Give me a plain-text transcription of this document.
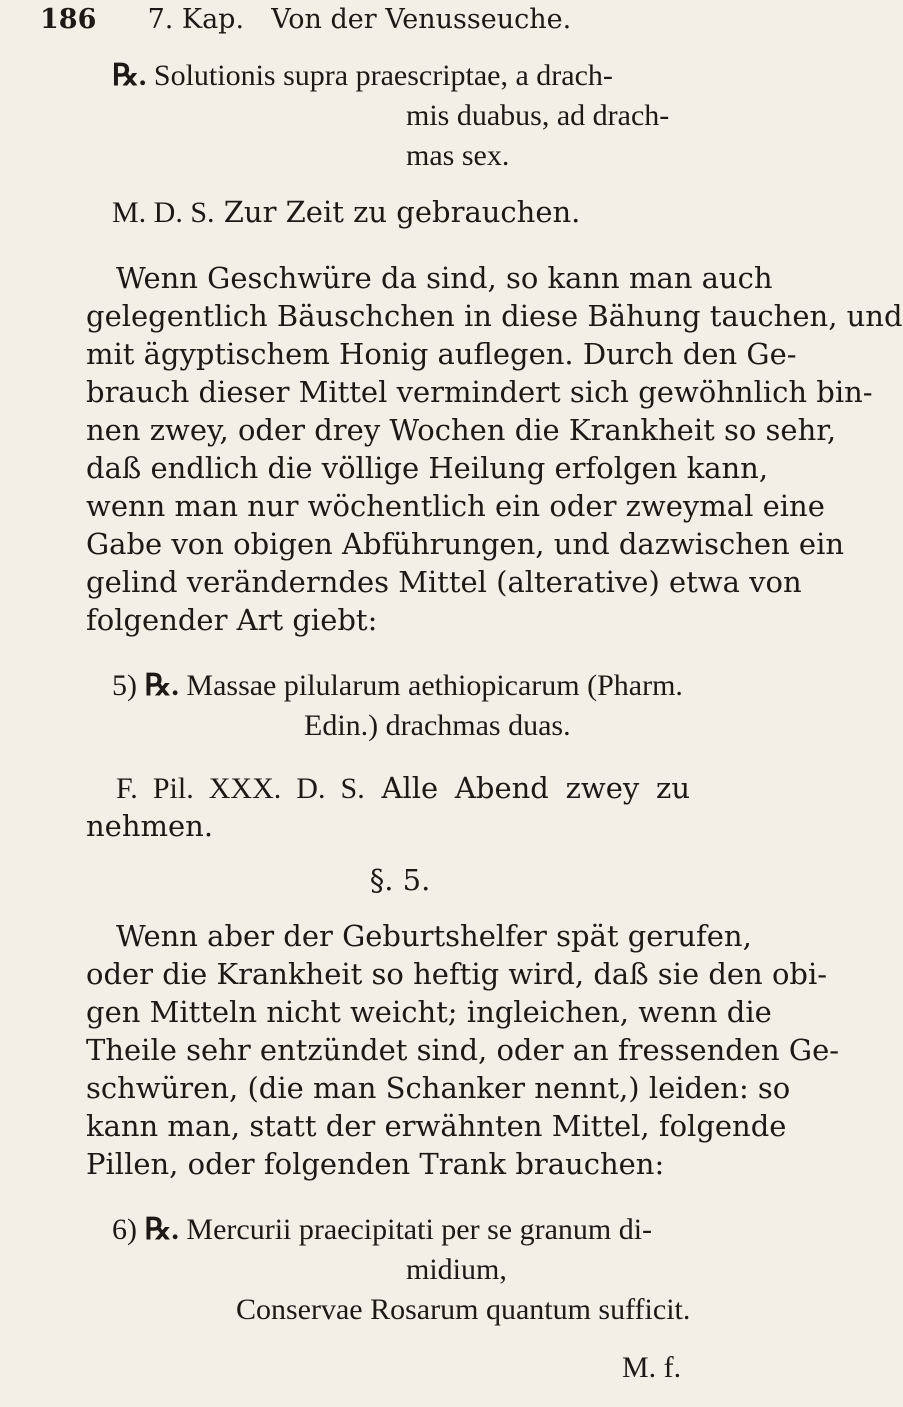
186 7. Kap. Von der Venusseuche.
℞. Solutionis supra praescriptae, a drach-
mis duabus, ad drach-
mas sex.
M. D. S. Zur Zeit zu gebrauchen.
Wenn Geschwüre da sind, so kann man auch
gelegentlich Bäuschchen in diese Bähung tauchen, und
mit ägyptischem Honig auflegen. Durch den Ge-
brauch dieser Mittel vermindert sich gewöhnlich bin-
nen zwey, oder drey Wochen die Krankheit so sehr,
daß endlich die völlige Heilung erfolgen kann,
wenn man nur wöchentlich ein oder zweymal eine
Gabe von obigen Abführungen, und dazwischen ein
gelind veränderndes Mittel (alterative) etwa von
folgender Art giebt:
5) ℞. Massae pilularum aethiopicarum (Pharm.
Edin.) drachmas duas.
F. Pil. XXX. D. S. Alle Abend zwey zu
nehmen.
§. 5.
Wenn aber der Geburtshelfer spät gerufen,
oder die Krankheit so heftig wird, daß sie den obi-
gen Mitteln nicht weicht; ingleichen, wenn die
Theile sehr entzündet sind, oder an fressenden Ge-
schwüren, (die man Schanker nennt,) leiden: so
kann man, statt der erwähnten Mittel, folgende
Pillen, oder folgenden Trank brauchen:
6) ℞. Mercurii praecipitati per se granum di-
midium,
Conservae Rosarum quantum sufficit.
M. f.
